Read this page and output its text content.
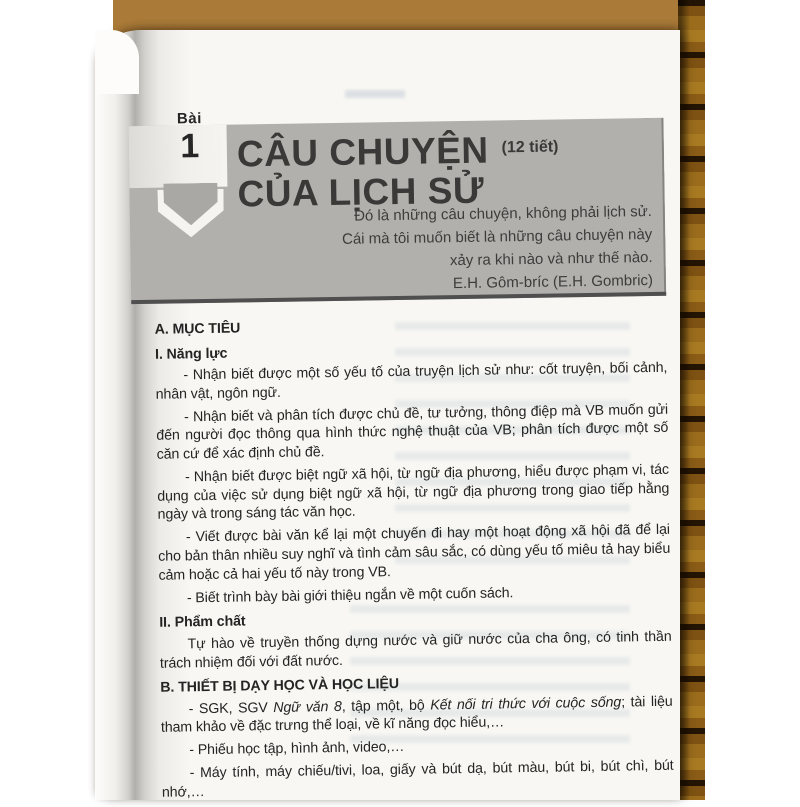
Bài
1	CÂU CHUYỆN (12 tiết)
CỦA LỊCH SỬ
Đó là những câu chuyện, không phải lịch sử.
Cái mà tôi muốn biết là những câu chuyện này
xảy ra khi nào và như thế nào.
E.H. Gôm-bríc (E.H. Gombric)
A. MỤC TIÊU
I. Năng lực

- Nhận biết được một số yếu tố của truyện lịch sử như: cốt truyện, bối cảnh, nhân vật, ngôn ngữ.

- Nhận biết và phân tích được chủ đề, tư tưởng, thông điệp mà VB muốn gửi đến người đọc thông qua hình thức nghệ thuật của VB; phân tích được một số căn cứ để xác định chủ đề.

- Nhận biết được biệt ngữ xã hội, từ ngữ địa phương, hiểu được phạm vi, tác dụng của việc sử dụng biệt ngữ xã hội, từ ngữ địa phương trong giao tiếp hằng ngày và trong sáng tác văn học.

- Viết được bài văn kể lại một chuyến đi hay một hoạt động xã hội đã để lại cho bản thân nhiều suy nghĩ và tình cảm sâu sắc, có dùng yếu tố miêu tả hay biểu cảm hoặc cả hai yếu tố này trong VB.

- Biết trình bày bài giới thiệu ngắn về một cuốn sách.

II. Phẩm chất

Tự hào về truyền thống dựng nước và giữ nước của cha ông, có tinh thần trách nhiệm đối với đất nước.

B. THIẾT BỊ DẠY HỌC VÀ HỌC LIỆU

- SGK, SGV Ngữ văn 8, tập một, bộ Kết nối tri thức với cuộc sống; tài liệu tham khảo về đặc trưng thể loại, về kĩ năng đọc hiểu,…

- Phiếu học tập, hình ảnh, video,…

- Máy tính, máy chiếu/tivi, loa, giấy và bút dạ, bút màu, bút bi, bút chì, bút nhớ,…
